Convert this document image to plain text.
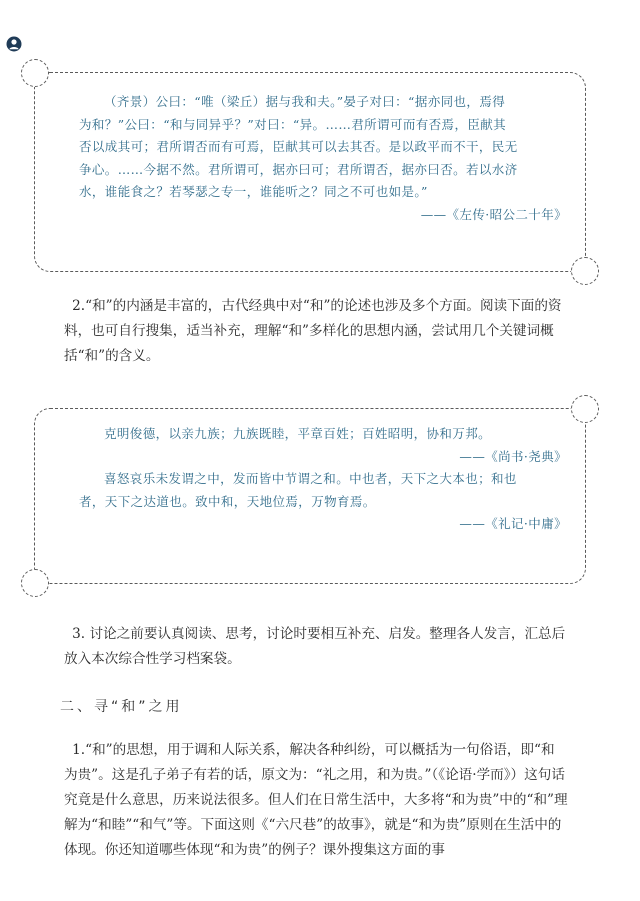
（齐景）公曰：“唯（梁丘）据与我和夫。”晏子对曰：“据亦同也，焉得
为和？”公曰：“和与同异乎？”对曰：“异。……君所谓可而有否焉，臣献其
否以成其可；君所谓否而有可焉，臣献其可以去其否。是以政平而不干，民无
争心。……今据不然。君所谓可，据亦曰可；君所谓否，据亦曰否。若以水济
水，谁能食之？若琴瑟之专一，谁能听之？同之不可也如是。”
——《左传·昭公二十年》
2.“和”的内涵是丰富的，古代经典中对“和”的论述也涉及多个方面。阅读下面的资料，也可自行搜集，适当补充，理解“和”多样化的思想内涵，尝试用几个关键词概括“和”的含义。
克明俊德，以亲九族；九族既睦，平章百姓；百姓昭明，协和万邦。
——《尚书·尧典》
喜怒哀乐未发谓之中，发而皆中节谓之和。中也者，天下之大本也；和也
者，天下之达道也。致中和，天地位焉，万物育焉。
——《礼记·中庸》
3. 讨论之前要认真阅读、思考，讨论时要相互补充、启发。整理各人发言，汇总后放入本次综合性学习档案袋。
二、寻“和”之用
1.“和”的思想，用于调和人际关系，解决各种纠纷，可以概括为一句俗语，即“和为贵”。这是孔子弟子有若的话，原文为：“礼之用，和为贵。”（《论语·学而》）这句话究竟是什么意思，历来说法很多。但人们在日常生活中，大多将“和为贵”中的“和”理解为“和睦”“和气”等。下面这则《“六尺巷”的故事》，就是“和为贵”原则在生活中的体现。你还知道哪些体现“和为贵”的例子？课外搜集这方面的事
